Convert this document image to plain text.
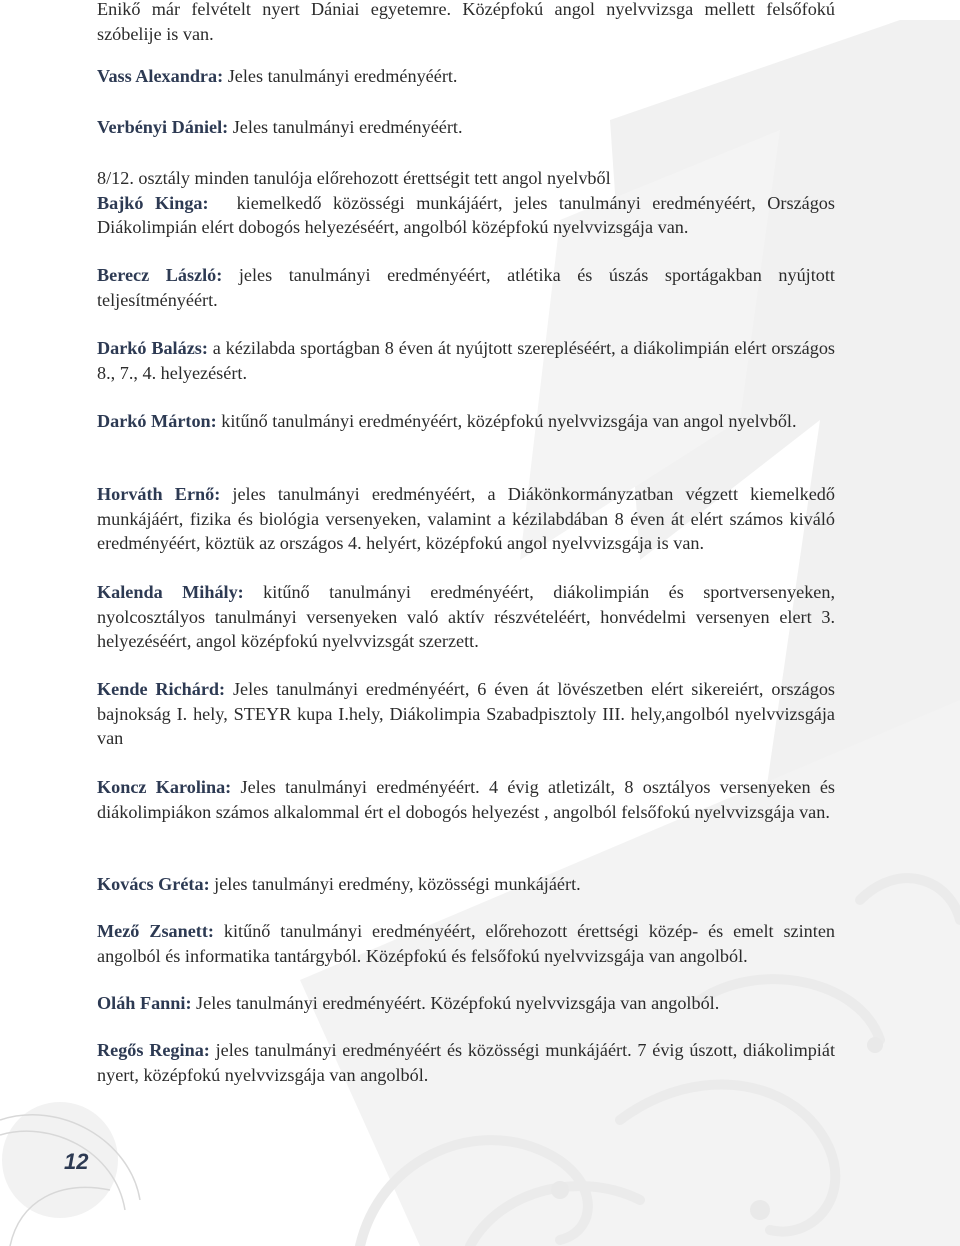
Enikő már felvételt nyert Dániai egyetemre. Középfokú angol nyelvvizsga mellett felsőfokú szóbelije is van.

Vass Alexandra: Jeles tanulmányi eredményéért.

Verbényi Dániel: Jeles tanulmányi eredményéért.

8/12. osztály minden tanulója előrehozott érettségit tett angol nyelvből
Bajkó Kinga: kiemelkedő közösségi munkájáért, jeles tanulmányi eredményéért, Országos Diákolimpián elért dobogós helyezéséért, angolból középfokú nyelvvizsgája van.

Berecz László: jeles tanulmányi eredményéért, atlétika és úszás sportágakban nyújtott teljesítményéért.

Darkó Balázs: a kézilabda sportágban 8 éven át nyújtott szerepléséért, a diákolimpián elért országos 8., 7., 4. helyezésért.

Darkó Márton: kitűnő tanulmányi eredményéért, középfokú nyelvvizsgája van angol nyelvből.

Horváth Ernő: jeles tanulmányi eredményéért, a Diákönkormányzatban végzett kiemelkedő munkájáért, fizika és biológia versenyeken, valamint a kézilabdában 8 éven át elért számos kiváló eredményéért, köztük az országos 4. helyért, középfokú angol nyelvvizsgája is van.

Kalenda Mihály: kitűnő tanulmányi eredményéért, diákolimpián és sportversenyeken, nyolcosztályos tanulmányi versenyeken való aktív részvételéért, honvédelmi versenyen elert 3. helyezéséért, angol középfokú nyelvvizsgát szerzett.

Kende Richárd: Jeles tanulmányi eredményéért, 6 éven át lövészetben elért sikereiért, országos bajnokság I. hely, STEYR kupa I.hely, Diákolimpia Szabadpisztoly III. hely,angolból nyelvvizsgája van

Koncz Karolina: Jeles tanulmányi eredményéért. 4 évig atletizált, 8 osztályos versenyeken és diákolimpiákon számos alkalommal ért el dobogós helyezést , angolból felsőfokú nyelvvizsgája van.

Kovács Gréta: jeles tanulmányi eredmény, közösségi munkájáért.

Mező Zsanett: kitűnő tanulmányi eredményéért, előrehozott érettségi közép- és emelt szinten angolból és informatika tantárgyból. Középfokú és felsőfokú nyelvvizsgája van angolból.

Oláh Fanni: Jeles tanulmányi eredményéért. Középfokú nyelvvizsgája van angolból.

Regős Regina: jeles tanulmányi eredményéért és közösségi munkájáért. 7 évig úszott, diákolimpiát nyert, középfokú nyelvvizsgája van angolból.

12
